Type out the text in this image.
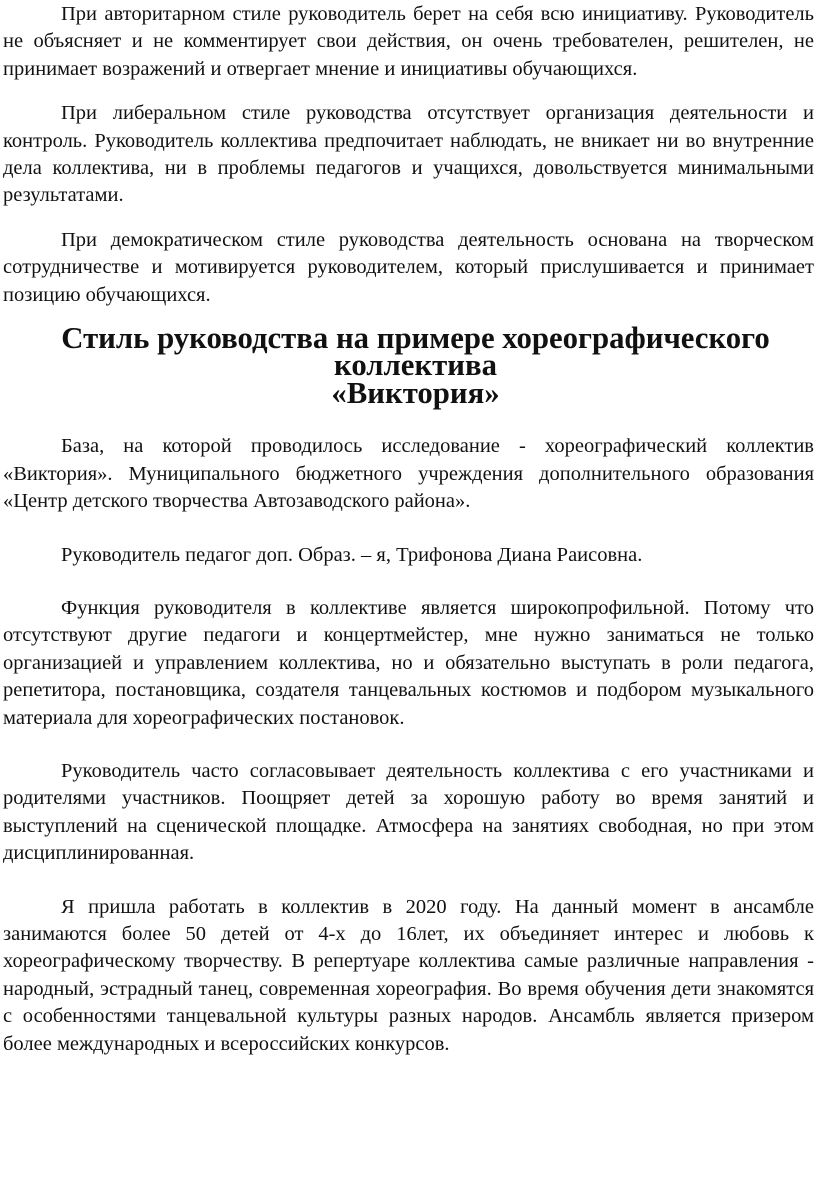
При авторитарном стиле руководитель берет на себя всю инициативу. Руководитель не объясняет и не комментирует свои действия, он очень требователен, решителен, не принимает возражений и отвергает мнение и инициативы обучающихся.

При либеральном стиле руководства отсутствует организация деятельности и контроль. Руководитель коллектива предпочитает наблюдать, не вникает ни во внутренние дела коллектива, ни в проблемы педагогов и учащихся, довольствуется минимальными результатами.

При демократическом стиле руководства деятельность основана на творческом сотрудничестве и мотивируется руководителем, который прислушивается и принимает позицию обучающихся.

Стиль руководства на примере хореографического коллектива
«Виктория»

База, на которой проводилось исследование - хореографический коллектив «Виктория». Муниципального бюджетного учреждения дополнительного образования «Центр детского творчества Автозаводского района».

Руководитель педагог доп. Образ. – я, Трифонова Диана Раисовна.

Функция руководителя в коллективе является широкопрофильной. Потому что отсутствуют другие педагоги и концертмейстер, мне нужно заниматься не только организацией и управлением коллектива, но и обязательно выступать в роли педагога, репетитора, постановщика, создателя танцевальных костюмов и подбором музыкального материала для хореографических постановок.

Руководитель часто согласовывает деятельность коллектива с его участниками и родителями участников. Поощряет детей за хорошую работу во время занятий и выступлений на сценической площадке. Атмосфера на занятиях свободная, но при этом дисциплинированная.

Я пришла работать в коллектив в 2020 году. На данный момент в ансамбле занимаются более 50 детей от 4-х до 16лет, их объединяет интерес и любовь к хореографическому творчеству. В репертуаре коллектива самые различные направления - народный, эстрадный танец, современная хореография. Во время обучения дети знакомятся с особенностями танцевальной культуры разных народов. Ансамбль является призером более международных и всероссийских конкурсов.
